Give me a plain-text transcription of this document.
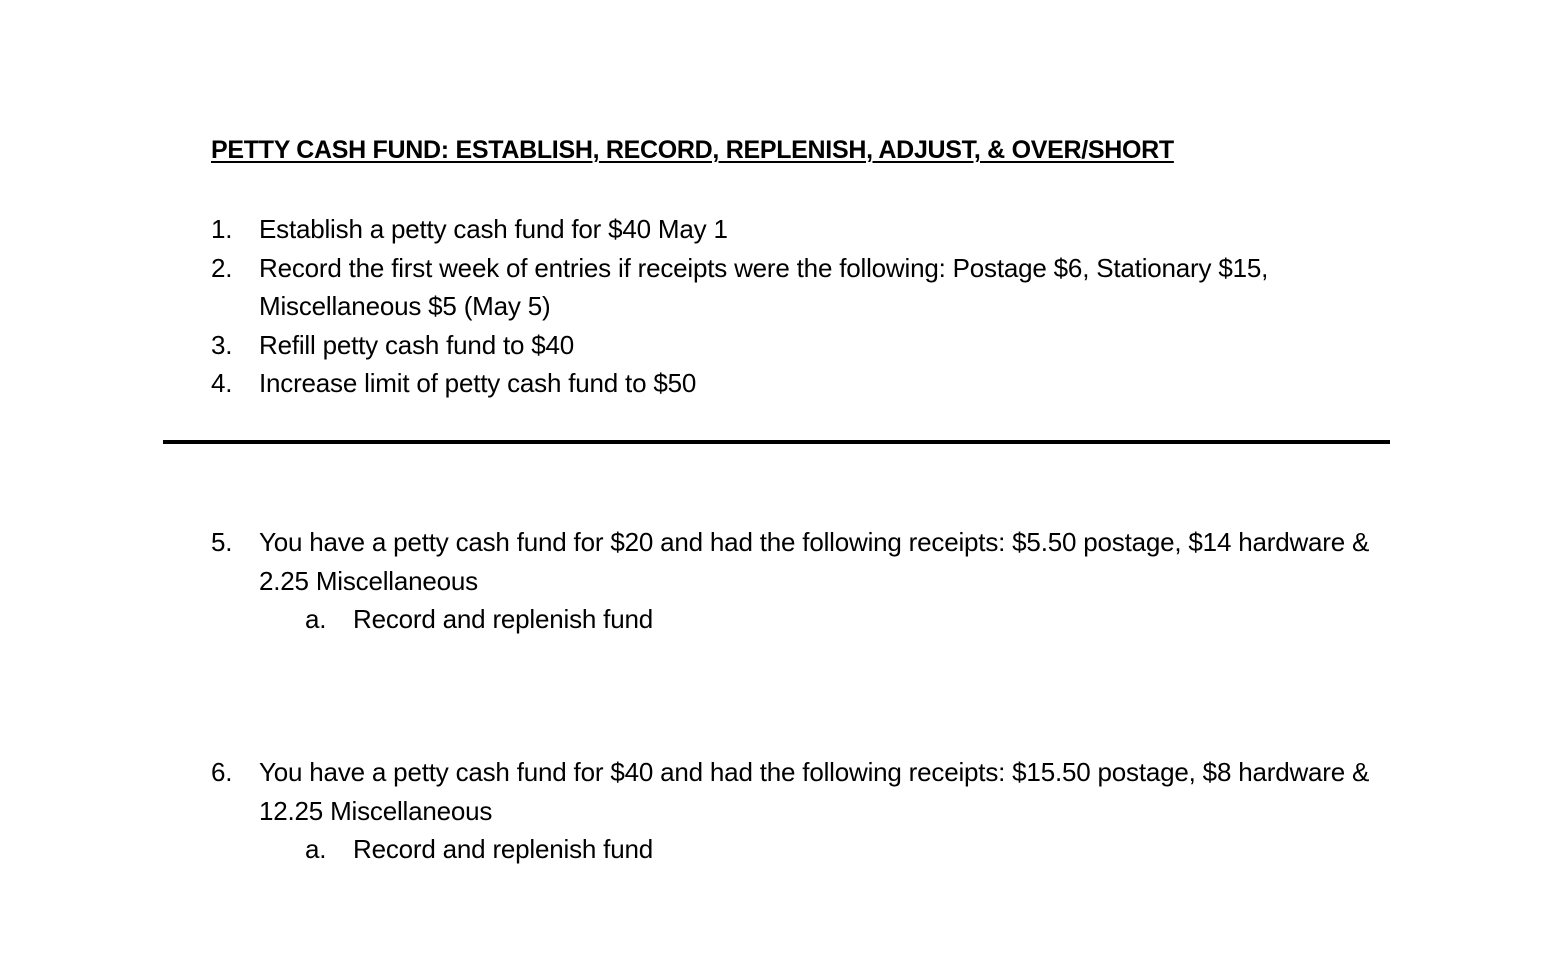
PETTY CASH FUND: ESTABLISH, RECORD, REPLENISH, ADJUST, & OVER/SHORT
1. Establish a petty cash fund for $40 May 1
2. Record the first week of entries if receipts were the following: Postage $6, Stationary $15, Miscellaneous $5 (May 5)
3. Refill petty cash fund to $40
4. Increase limit of petty cash fund to $50
5. You have a petty cash fund for $20 and had the following receipts: $5.50 postage, $14 hardware & 2.25 Miscellaneous
a. Record and replenish fund
6. You have a petty cash fund for $40 and had the following receipts: $15.50 postage, $8 hardware & 12.25 Miscellaneous
a. Record and replenish fund
